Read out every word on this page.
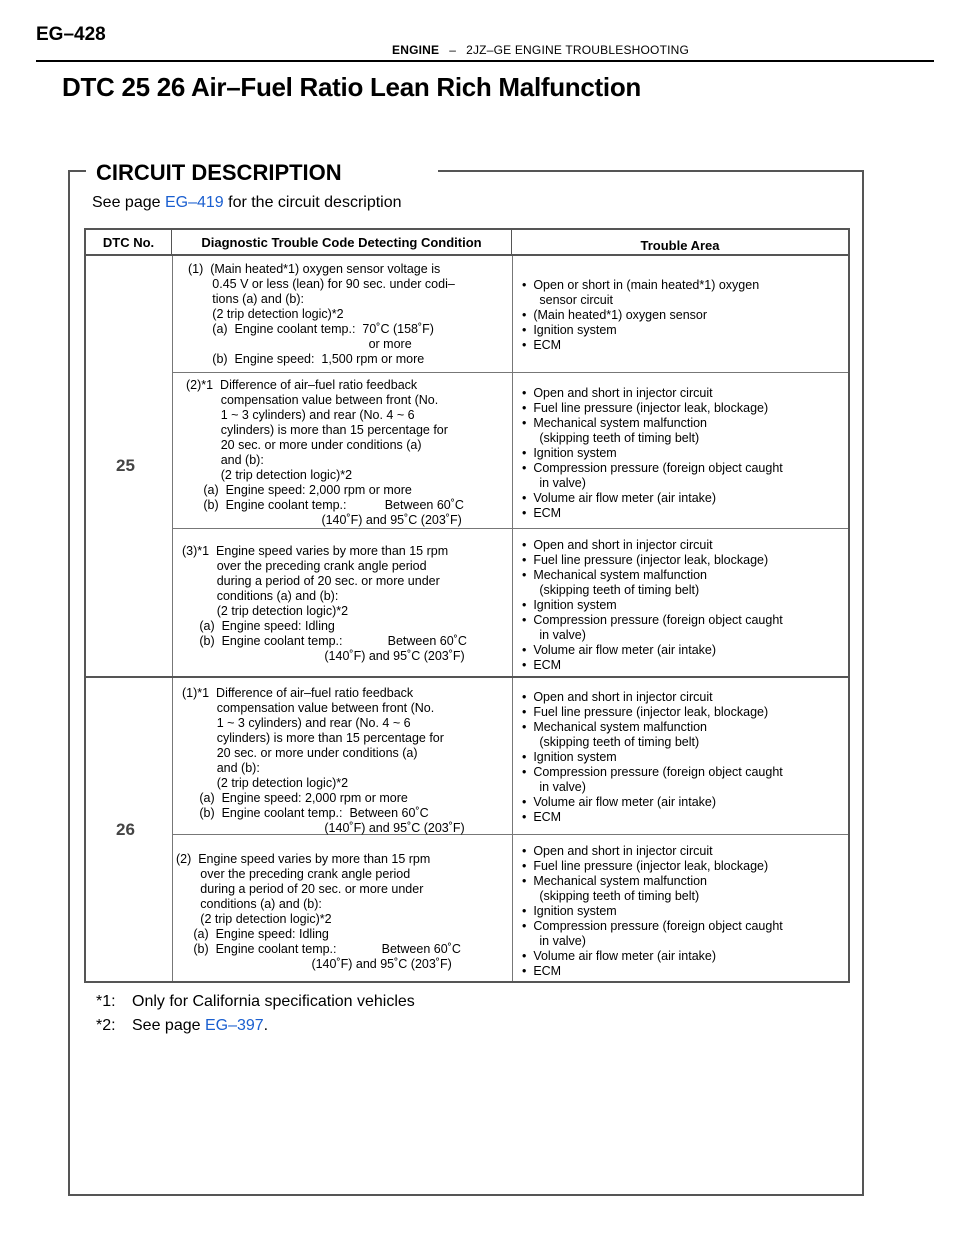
EG–428
ENGINE – 2JZ–GE ENGINE TROUBLESHOOTING
DTC 25 26 Air–Fuel Ratio Lean Rich Malfunction
CIRCUIT DESCRIPTION
See page EG–419 for the circuit description
DTC No.	Diagnostic Trouble Code Detecting Condition	Trouble Area
25
26
(1)  (Main heated*1) oxygen sensor voltage is
0.45 V or less (lean) for 90 sec. under codi–
tions (a) and (b):
(2 trip detection logic)*2
(a)  Engine coolant temp.:  70˚C (158˚F)
or more
(b)  Engine speed:  1,500 rpm or more
(2)*1  Difference of air–fuel ratio feedback
compensation value between front (No.
1 ~ 3 cylinders) and rear (No. 4 ~ 6
cylinders) is more than 15 percentage for
20 sec. or more under conditions (a)
and (b):
(2 trip detection logic)*2
(a)  Engine speed: 2,000 rpm or more
(b)  Engine coolant temp.:           Between 60˚C
(140˚F) and 95˚C (203˚F)
(3)*1  Engine speed varies by more than 15 rpm
over the preceding crank angle period
during a period of 20 sec. or more under
conditions (a) and (b):
(2 trip detection logic)*2
(a)  Engine speed: Idling
(b)  Engine coolant temp.:             Between 60˚C
(140˚F) and 95˚C (203˚F)
(1)*1  Difference of air–fuel ratio feedback
compensation value between front (No.
1 ~ 3 cylinders) and rear (No. 4 ~ 6
cylinders) is more than 15 percentage for
20 sec. or more under conditions (a)
and (b):
(2 trip detection logic)*2
(a)  Engine speed: 2,000 rpm or more
(b)  Engine coolant temp.:  Between 60˚C
(140˚F) and 95˚C (203˚F)
(2)  Engine speed varies by more than 15 rpm
over the preceding crank angle period
during a period of 20 sec. or more under
conditions (a) and (b):
(2 trip detection logic)*2
(a)  Engine speed: Idling
(b)  Engine coolant temp.:             Between 60˚C
(140˚F) and 95˚C (203˚F)
•  Open or short in (main heated*1) oxygen
sensor circuit
•  (Main heated*1) oxygen sensor
•  Ignition system
•  ECM
•  Open and short in injector circuit
•  Fuel line pressure (injector leak, blockage)
•  Mechanical system malfunction
(skipping teeth of timing belt)
•  Ignition system
•  Compression pressure (foreign object caught
in valve)
•  Volume air flow meter (air intake)
•  ECM
•  Open and short in injector circuit
•  Fuel line pressure (injector leak, blockage)
•  Mechanical system malfunction
(skipping teeth of timing belt)
•  Ignition system
•  Compression pressure (foreign object caught
in valve)
•  Volume air flow meter (air intake)
•  ECM
•  Open and short in injector circuit
•  Fuel line pressure (injector leak, blockage)
•  Mechanical system malfunction
(skipping teeth of timing belt)
•  Ignition system
•  Compression pressure (foreign object caught
in valve)
•  Volume air flow meter (air intake)
•  ECM
•  Open and short in injector circuit
•  Fuel line pressure (injector leak, blockage)
•  Mechanical system malfunction
(skipping teeth of timing belt)
•  Ignition system
•  Compression pressure (foreign object caught
in valve)
•  Volume air flow meter (air intake)
•  ECM
*1: Only for California specification vehicles
*2: See page EG–397.
